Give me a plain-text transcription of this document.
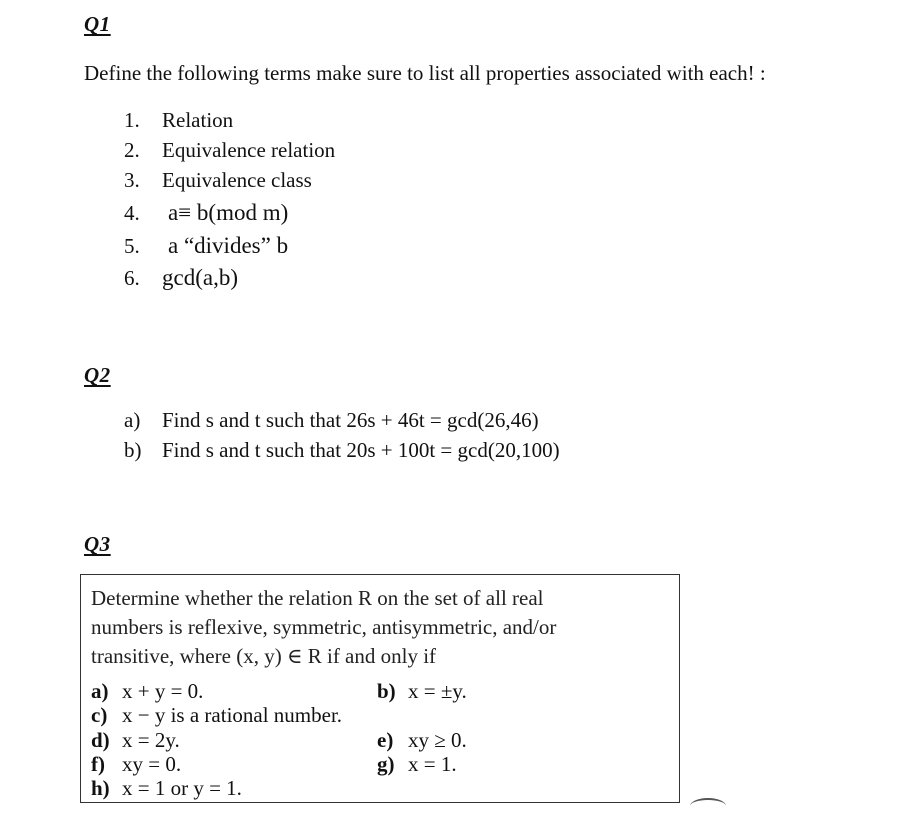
Q1
Define the following terms make sure to list all properties associated with each! :
1. Relation
2. Equivalence relation
3. Equivalence class
4. a≡ b(mod m)
5. a “divides” b
6. gcd(a,b)
Q2
a) Find s and t such that 26s + 46t = gcd(26,46)
b) Find s and t such that 20s + 100t = gcd(20,100)
Q3
Determine whether the relation R on the set of all real
numbers is reflexive, symmetric, antisymmetric, and/or
transitive, where (x, y) ∈ R if and only if
a) x + y = 0.	b) x = ±y.
c) x − y is a rational number.
d) x = 2y.	e) xy ≥ 0.
f) xy = 0.	g) x = 1.
h) x = 1 or y = 1.
